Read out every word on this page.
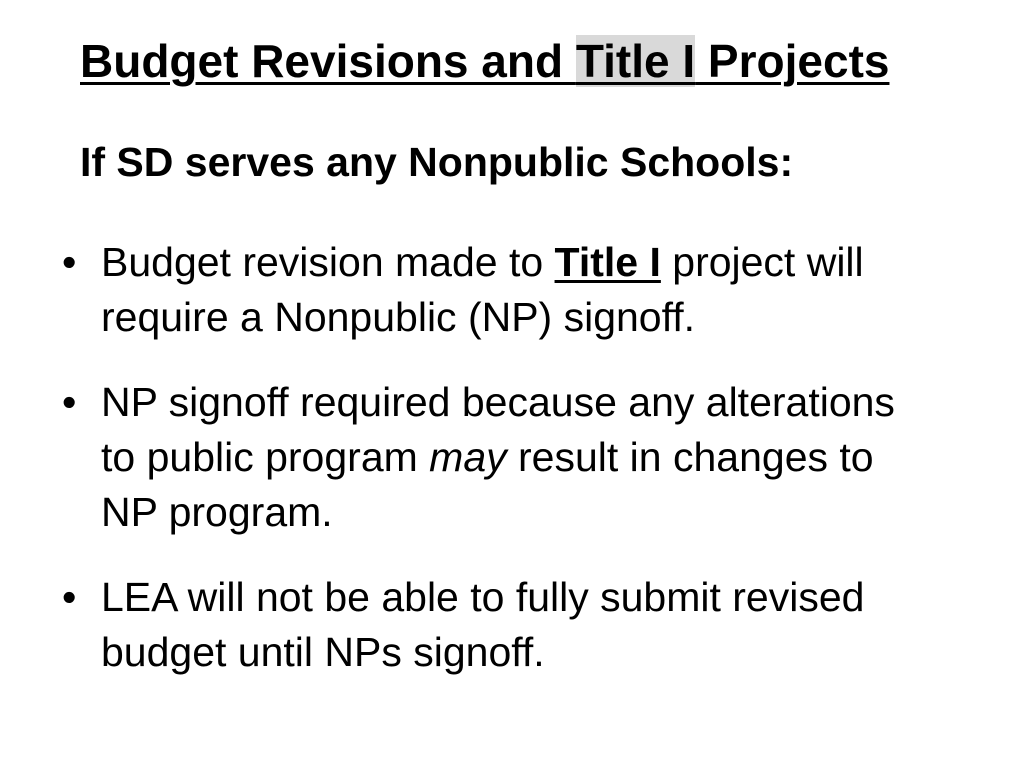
Budget Revisions and Title I Projects
If SD serves any Nonpublic Schools:
• Budget revision made to Title I project will require a Nonpublic (NP) signoff.
• NP signoff required because any alterations to public program may result in changes to NP program.
• LEA will not be able to fully submit revised budget until NPs signoff.
